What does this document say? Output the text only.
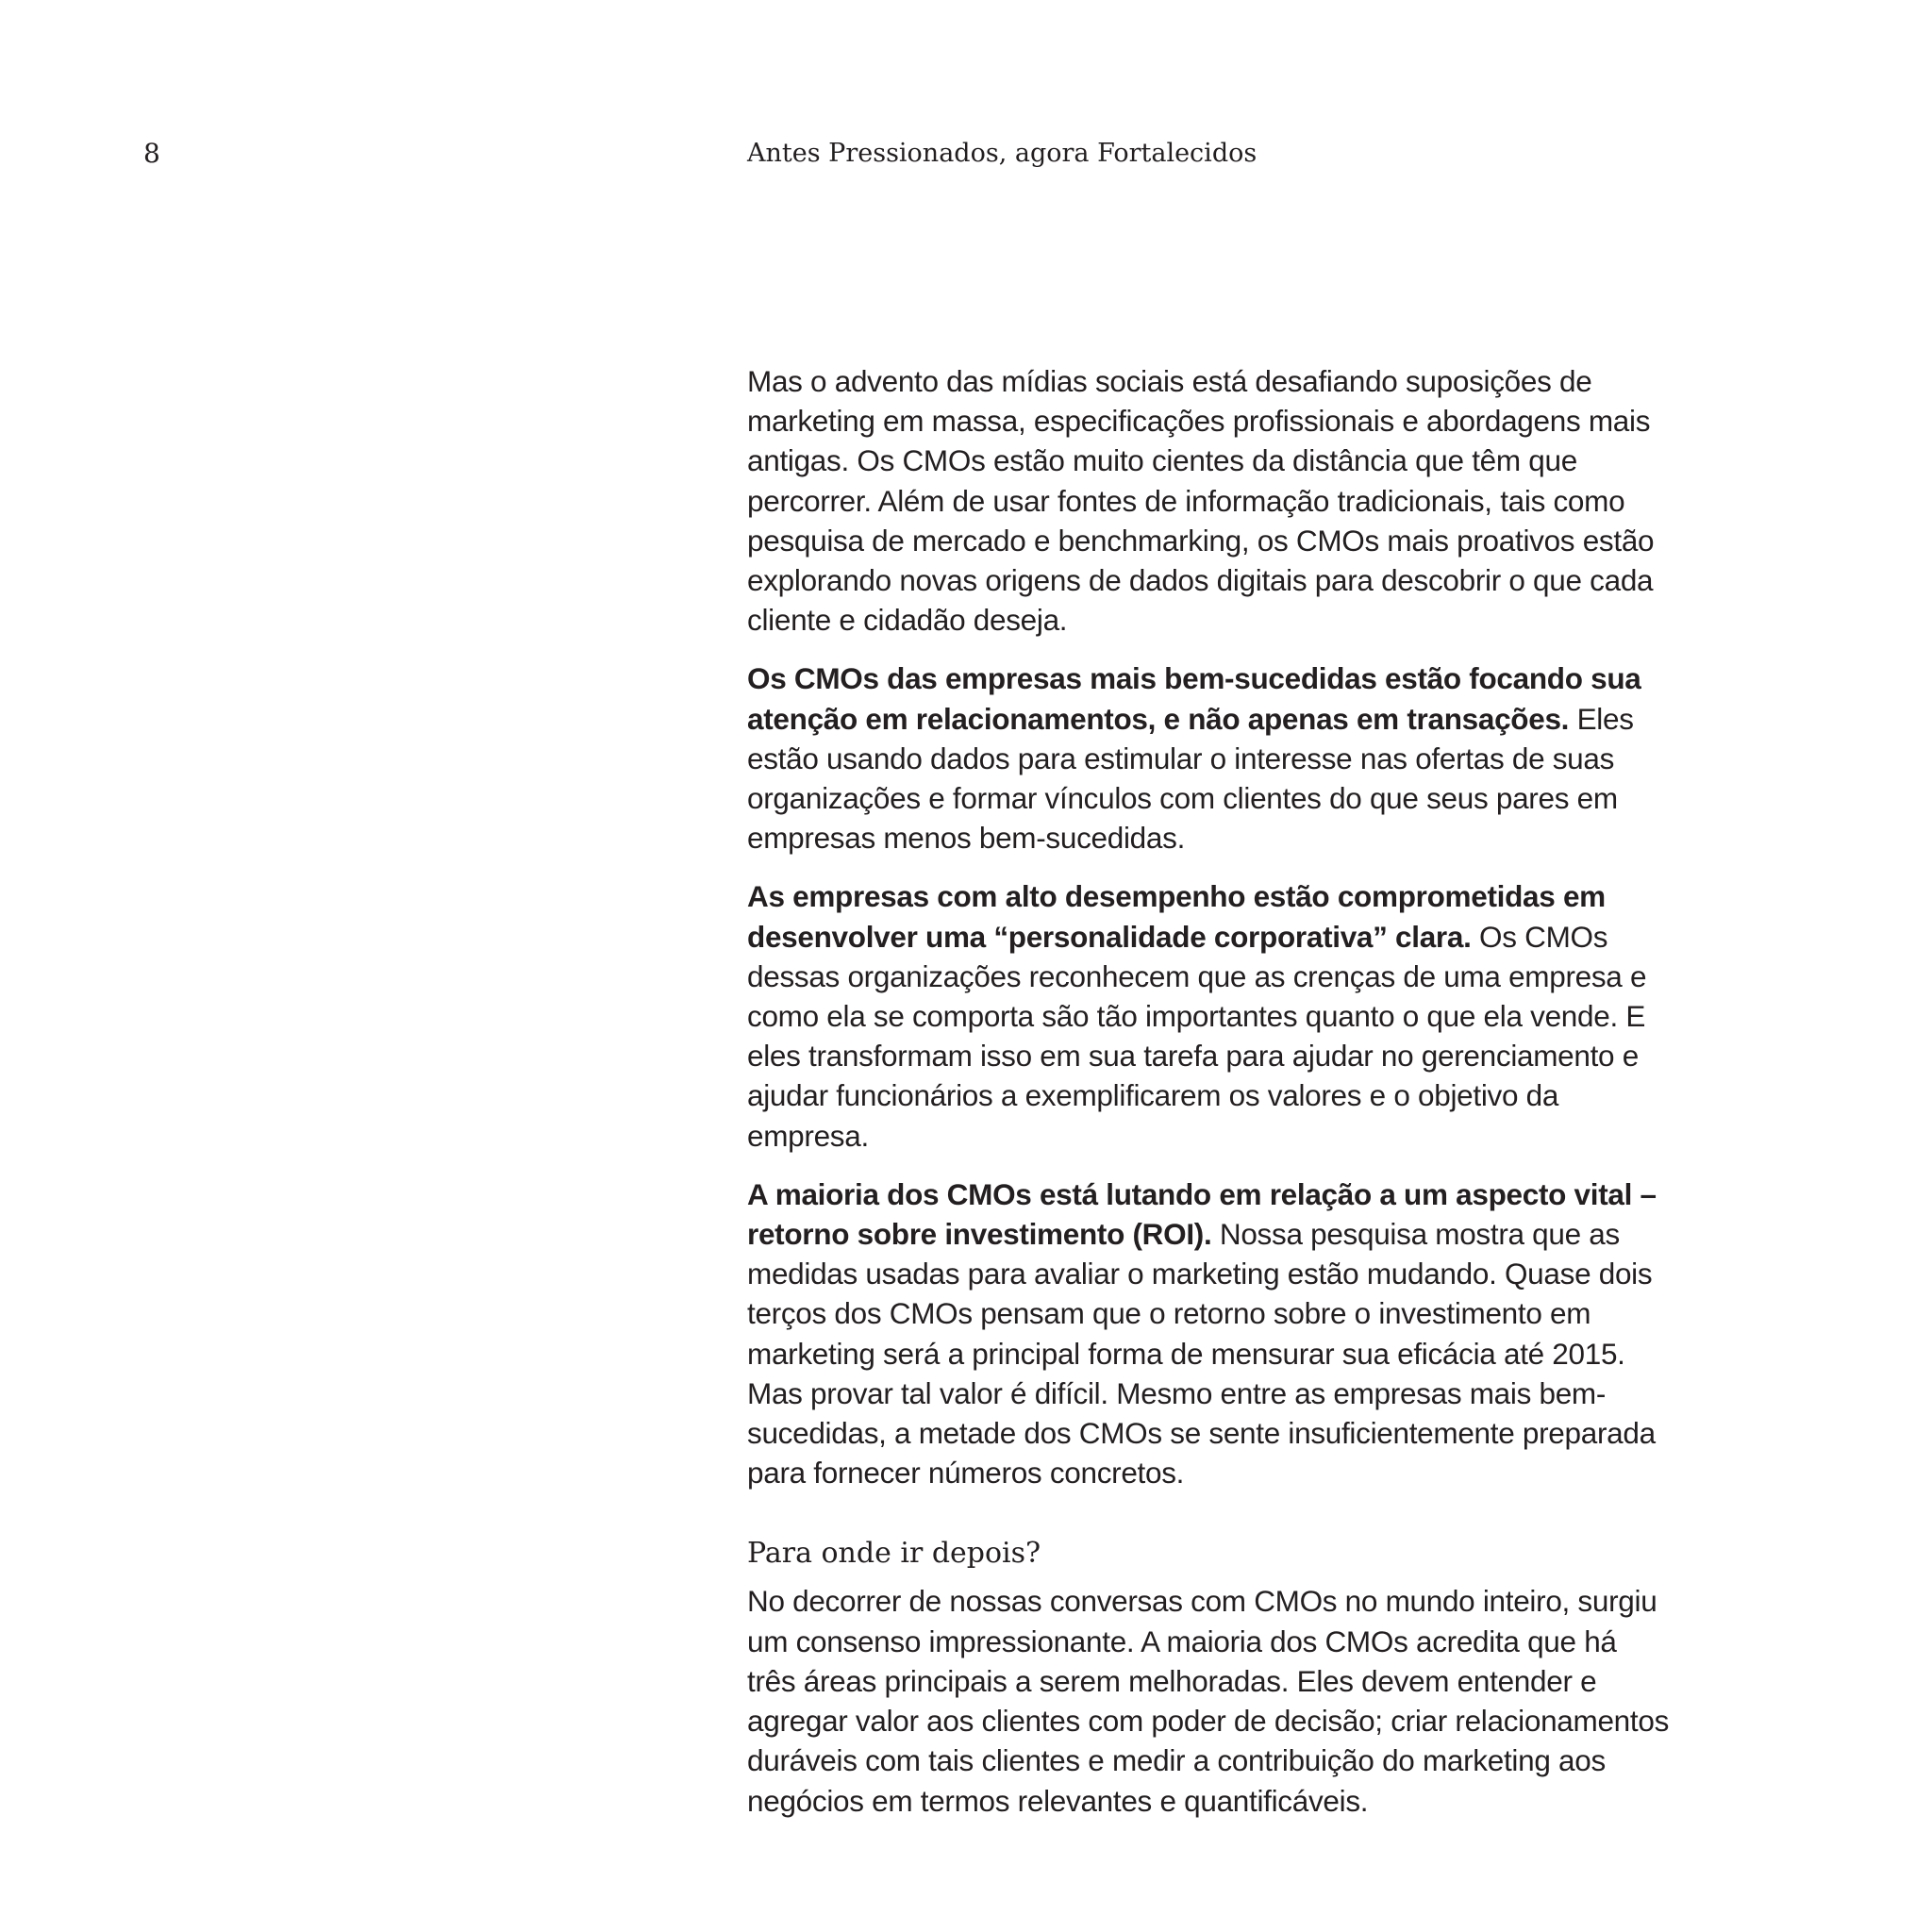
8	Antes Pressionados, agora Fortalecidos

Mas o advento das mídias sociais está desafiando suposições de marketing em massa, especificações profissionais e abordagens mais antigas. Os CMOs estão muito cientes da distância que têm que percorrer. Além de usar fontes de informação tradicionais, tais como pesquisa de mercado e benchmarking, os CMOs mais proativos estão explorando novas origens de dados digitais para descobrir o que cada cliente e cidadão deseja.

Os CMOs das empresas mais bem-sucedidas estão focando sua atenção em relacionamentos, e não apenas em transações. Eles estão usando dados para estimular o interesse nas ofertas de suas organizações e formar vínculos com clientes do que seus pares em empresas menos bem-sucedidas.

As empresas com alto desempenho estão comprometidas em desenvolver uma “personalidade corporativa” clara. Os CMOs dessas organizações reconhecem que as crenças de uma empresa e como ela se comporta são tão importantes quanto o que ela vende. E eles transformam isso em sua tarefa para ajudar no gerenciamento e ajudar funcionários a exemplificarem os valores e o objetivo da empresa.

A maioria dos CMOs está lutando em relação a um aspecto vital – retorno sobre investimento (ROI). Nossa pesquisa mostra que as medidas usadas para avaliar o marketing estão mudando. Quase dois terços dos CMOs pensam que o retorno sobre o investimento em marketing será a principal forma de mensurar sua eficácia até 2015. Mas provar tal valor é difícil. Mesmo entre as empresas mais bem-sucedidas, a metade dos CMOs se sente insuficientemente preparada para fornecer números concretos.

Para onde ir depois?

No decorrer de nossas conversas com CMOs no mundo inteiro, surgiu um consenso impressionante. A maioria dos CMOs acredita que há três áreas principais a serem melhoradas. Eles devem entender e agregar valor aos clientes com poder de decisão; criar relacionamentos duráveis com tais clientes e medir a contribuição do marketing aos negócios em termos relevantes e quantificáveis.
